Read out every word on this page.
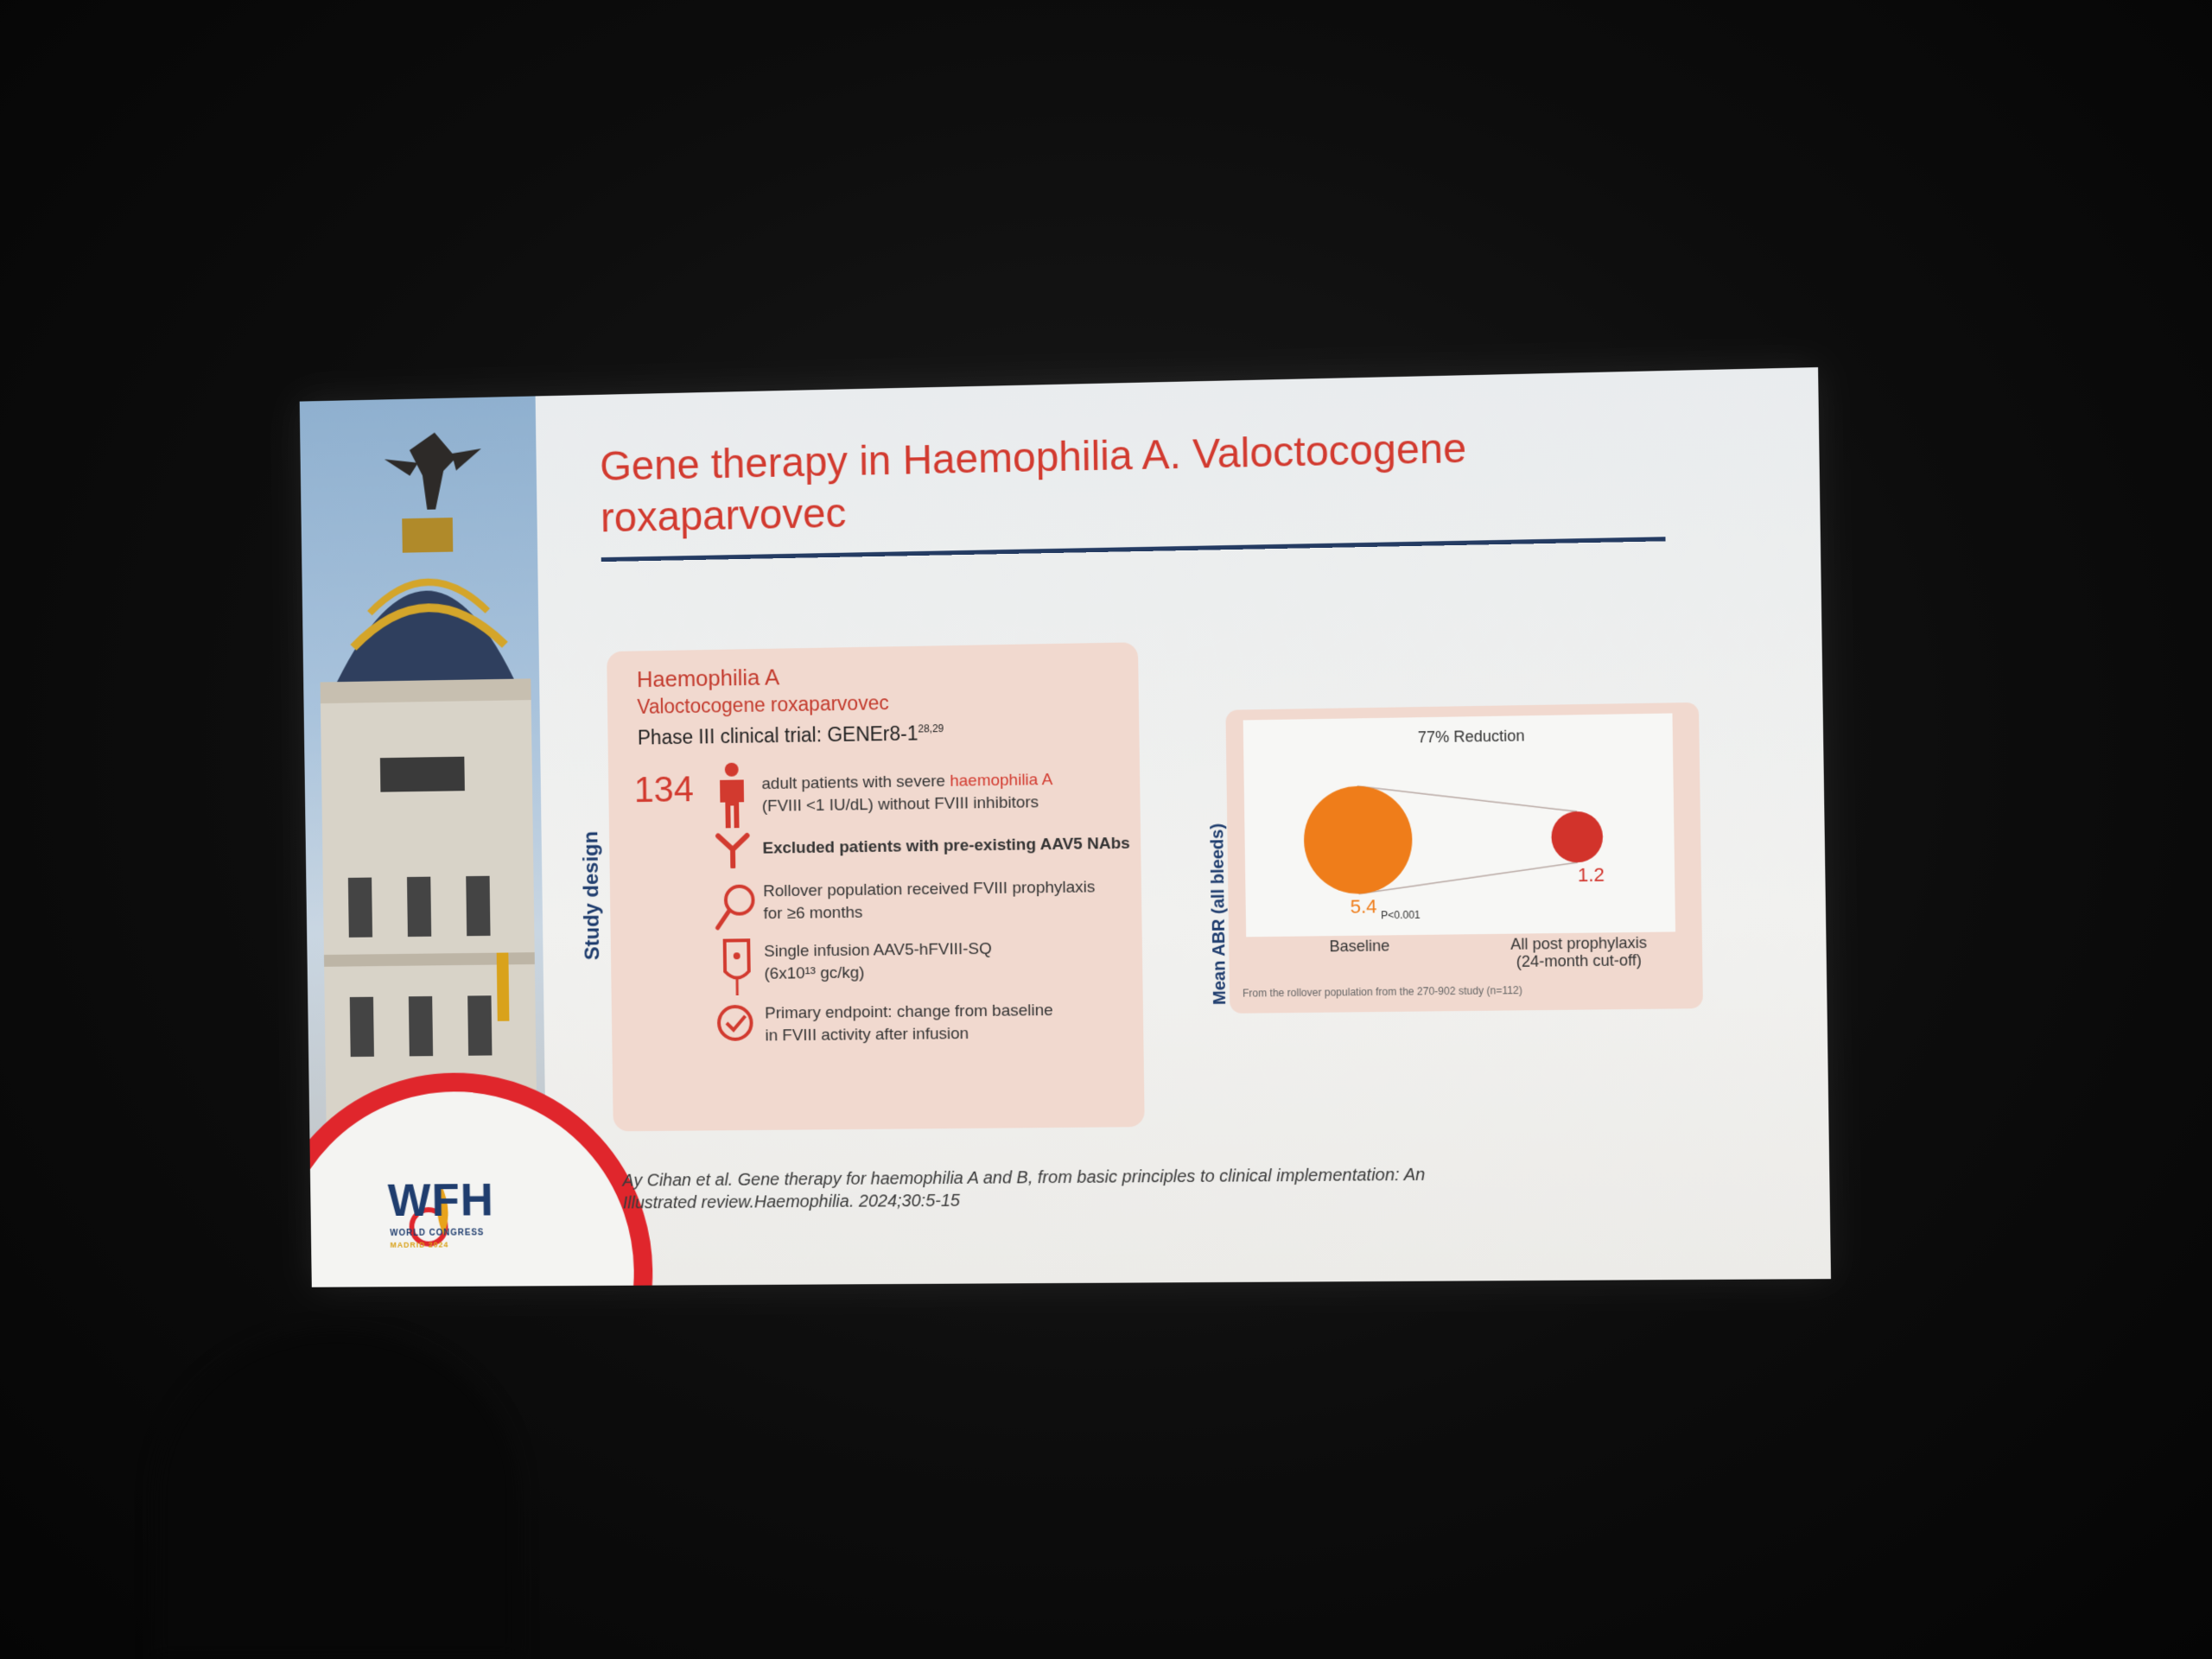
WFH
WORLD CONGRESS
MADRID 2024
Gene therapy in Haemophilia A. Valoctocogene roxaparvovec
Study design
Haemophilia A
Valoctocogene roxaparvovec
Phase III clinical trial: GENEr8-1$^{28,29}$
134	adult patients with severe haemophilia A
(FVIII <1 IU/dL) without FVIII inhibitors
Excluded patients with pre-existing AAV5 NAbs
Rollover population received FVIII prophylaxis
for ≥6 months
Single infusion AAV5-hFVIII-SQ
(6x10¹³ gc/kg)
Primary endpoint: change from baseline
in FVIII activity after infusion
Mean ABR (all bleeds)
77% Reduction
5.4
1.2
Baseline	All post prophylaxis
(24-month cut-off)
P<0.001
From the rollover population from the 270-902 study (n=112)
Ay Cihan et al. Gene therapy for haemophilia A and B, from basic principles to clinical implementation: An
Illustrated review.Haemophilia. 2024;30:5-15
